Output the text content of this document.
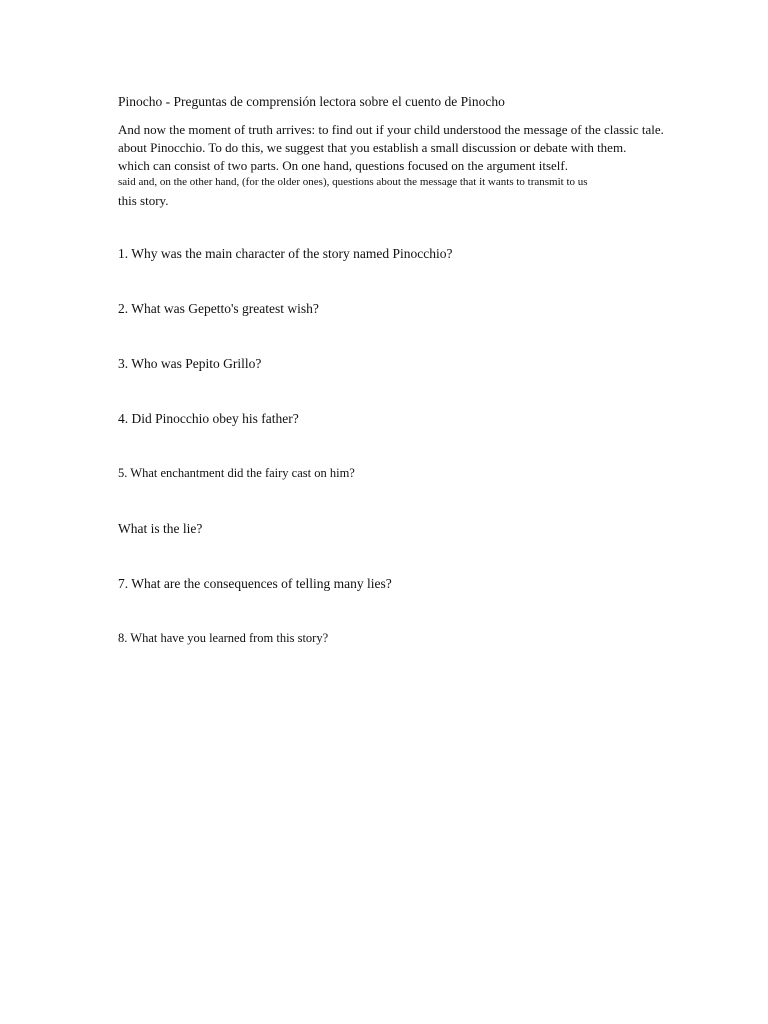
Pinocho - Preguntas de comprensión lectora sobre el cuento de Pinocho
And now the moment of truth arrives: to find out if your child understood the message of the classic tale.
about Pinocchio. To do this, we suggest that you establish a small discussion or debate with them.
which can consist of two parts. On one hand, questions focused on the argument itself.
said and, on the other hand, (for the older ones), questions about the message that it wants to transmit to us
this story.
1. Why was the main character of the story named Pinocchio?
2. What was Gepetto's greatest wish?
3. Who was Pepito Grillo?
4. Did Pinocchio obey his father?
5. What enchantment did the fairy cast on him?
What is the lie?
7. What are the consequences of telling many lies?
8. What have you learned from this story?
